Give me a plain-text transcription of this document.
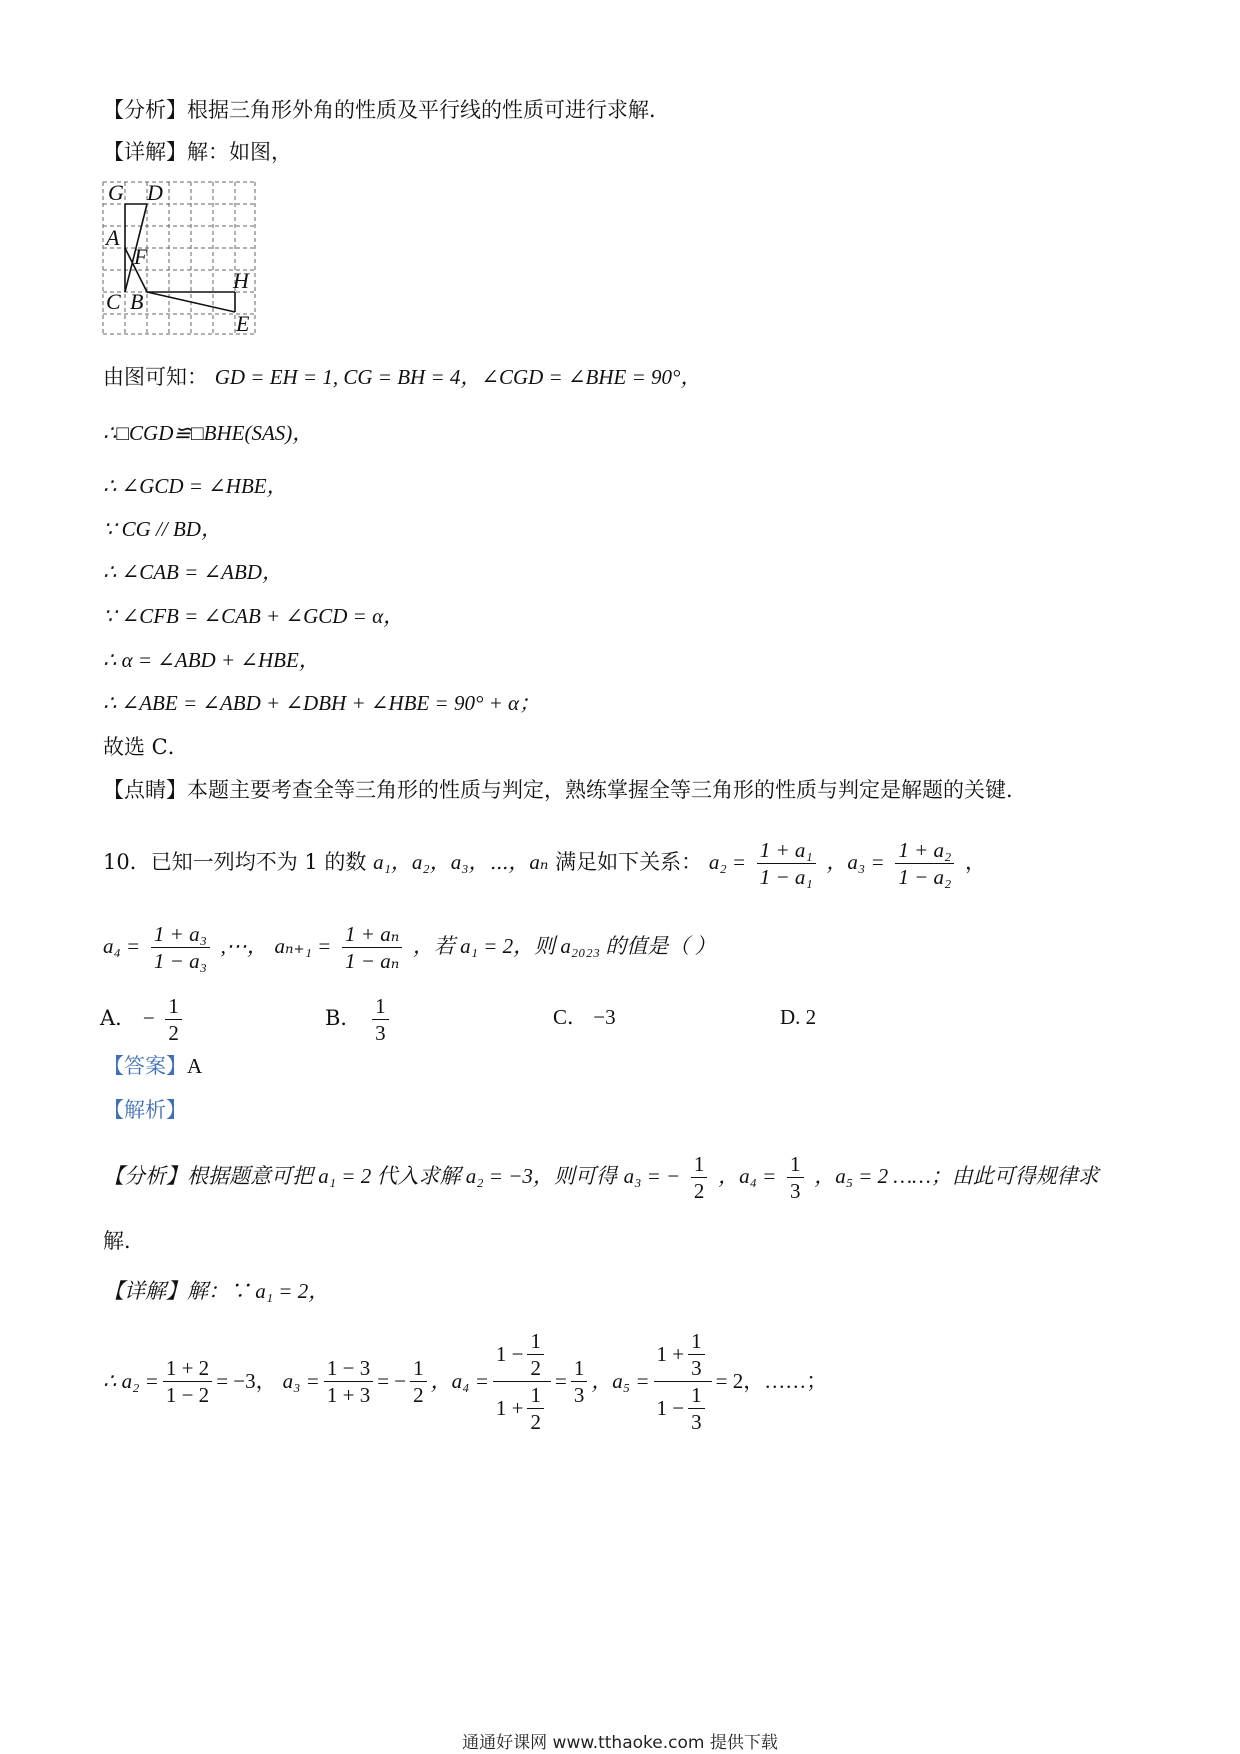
【分析】根据三角形外角的性质及平行线的性质可进行求解．
【详解】解：如图，
G D
A
F
H
C B
E
由图可知： GD = EH = 1, CG = BH = 4，∠CGD = ∠BHE = 90°，
∴□CGD≌□BHE(SAS)，
∴ ∠GCD = ∠HBE，
∵ CG // BD，
∴ ∠CAB = ∠ABD，
∵ ∠CFB = ∠CAB + ∠GCD = α，
∴ α = ∠ABD + ∠HBE，
∴ ∠ABE = ∠ABD + ∠DBH + ∠HBE = 90° + α；
故选 C．
【点睛】本题主要考查全等三角形的性质与判定，熟练掌握全等三角形的性质与判定是解题的关键．
10．已知一列均不为 1 的数 a₁，a₂，a₃，⋯，aₙ 满足如下关系： $a_2 = \frac{\text{1 + a₁}}{\text{1 − a₁}}$ ，$a_3 = \frac{\text{1 + a₂}}{\text{1 − a₂}}$ ，
$a_4 = \frac{\text{1 + a₃}}{\text{1 − a₃}}$ ,⋯， $a_{n+1} = \frac{\text{1 + aₙ}}{\text{1 − aₙ}}$ ，若 a₁ = 2，则 a₂₀₂₃ 的值是（ ）
A． − $\frac{1}{2}$	B． $\frac{1}{3}$	C． −3	D. 2
【答案】A
【解析】
【分析】根据题意可把 a₁ = 2 代入求解 a₂ = −3，则可得 a₃ = − $\frac{1}{2}$ ，$a_4 = \frac{1}{3}$ ，a₅ = 2 ……；由此可得规律求
解．
【详解】解：∵ a₁ = 2，
∴ $a_2 = \frac{1 + 2}{1 - 2} = -3$， $a_3 = \frac{1 - 3}{1 + 3}$ = − $\frac{1}{2}$ ，$a_4 = \frac{1 - \frac{1}{2}}{1 + \frac{1}{2}} = \frac{1}{3}$ ，$a_5 = \frac{1 + \frac{1}{3}}{1 - \frac{1}{3}} = 2$，……；
通通好课网 www.tthaoke.com 提供下载
